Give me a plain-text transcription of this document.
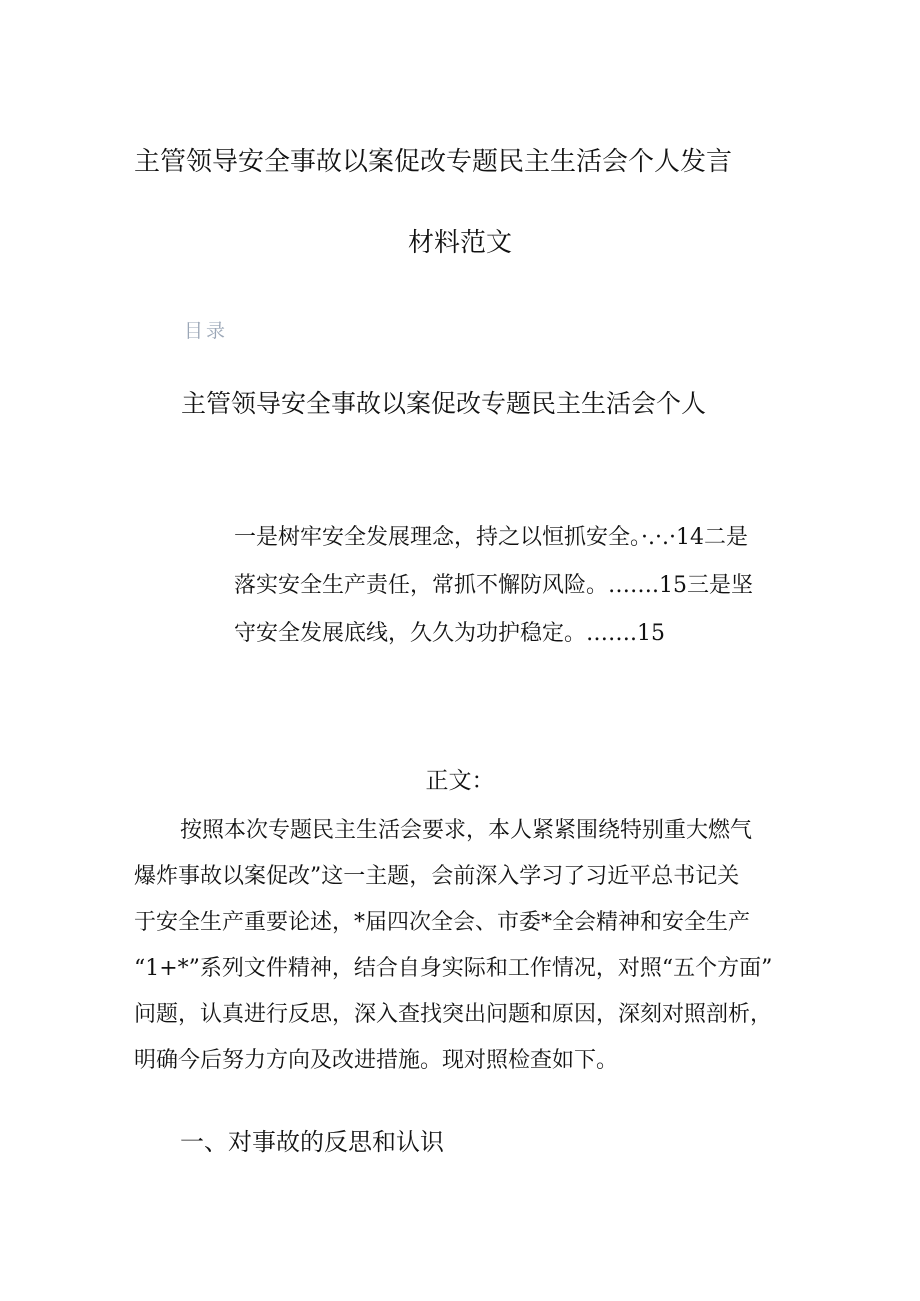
主管领导安全事故以案促改专题民主生活会个人发言
材料范文
目录
主管领导安全事故以案促改专题民主生活会个人
一是树牢安全发展理念，持之以恒抓安全。·.·.·14二是
落实安全生产责任，常抓不懈防风险。…….15三是坚
守安全发展底线，久久为功护稳定。…….15
正文：
按照本次专题民主生活会要求，本人紧紧围绕特别重大燃气
爆炸事故以案促改”这一主题，会前深入学习了习近平总书记关
于安全生产重要论述，*届四次全会、市委*全会精神和安全生产
“1+*”系列文件精神，结合自身实际和工作情况，对照“五个方面”
问题，认真进行反思，深入查找突出问题和原因，深刻对照剖析，
明确今后努力方向及改进措施。现对照检查如下。
一、对事故的反思和认识
